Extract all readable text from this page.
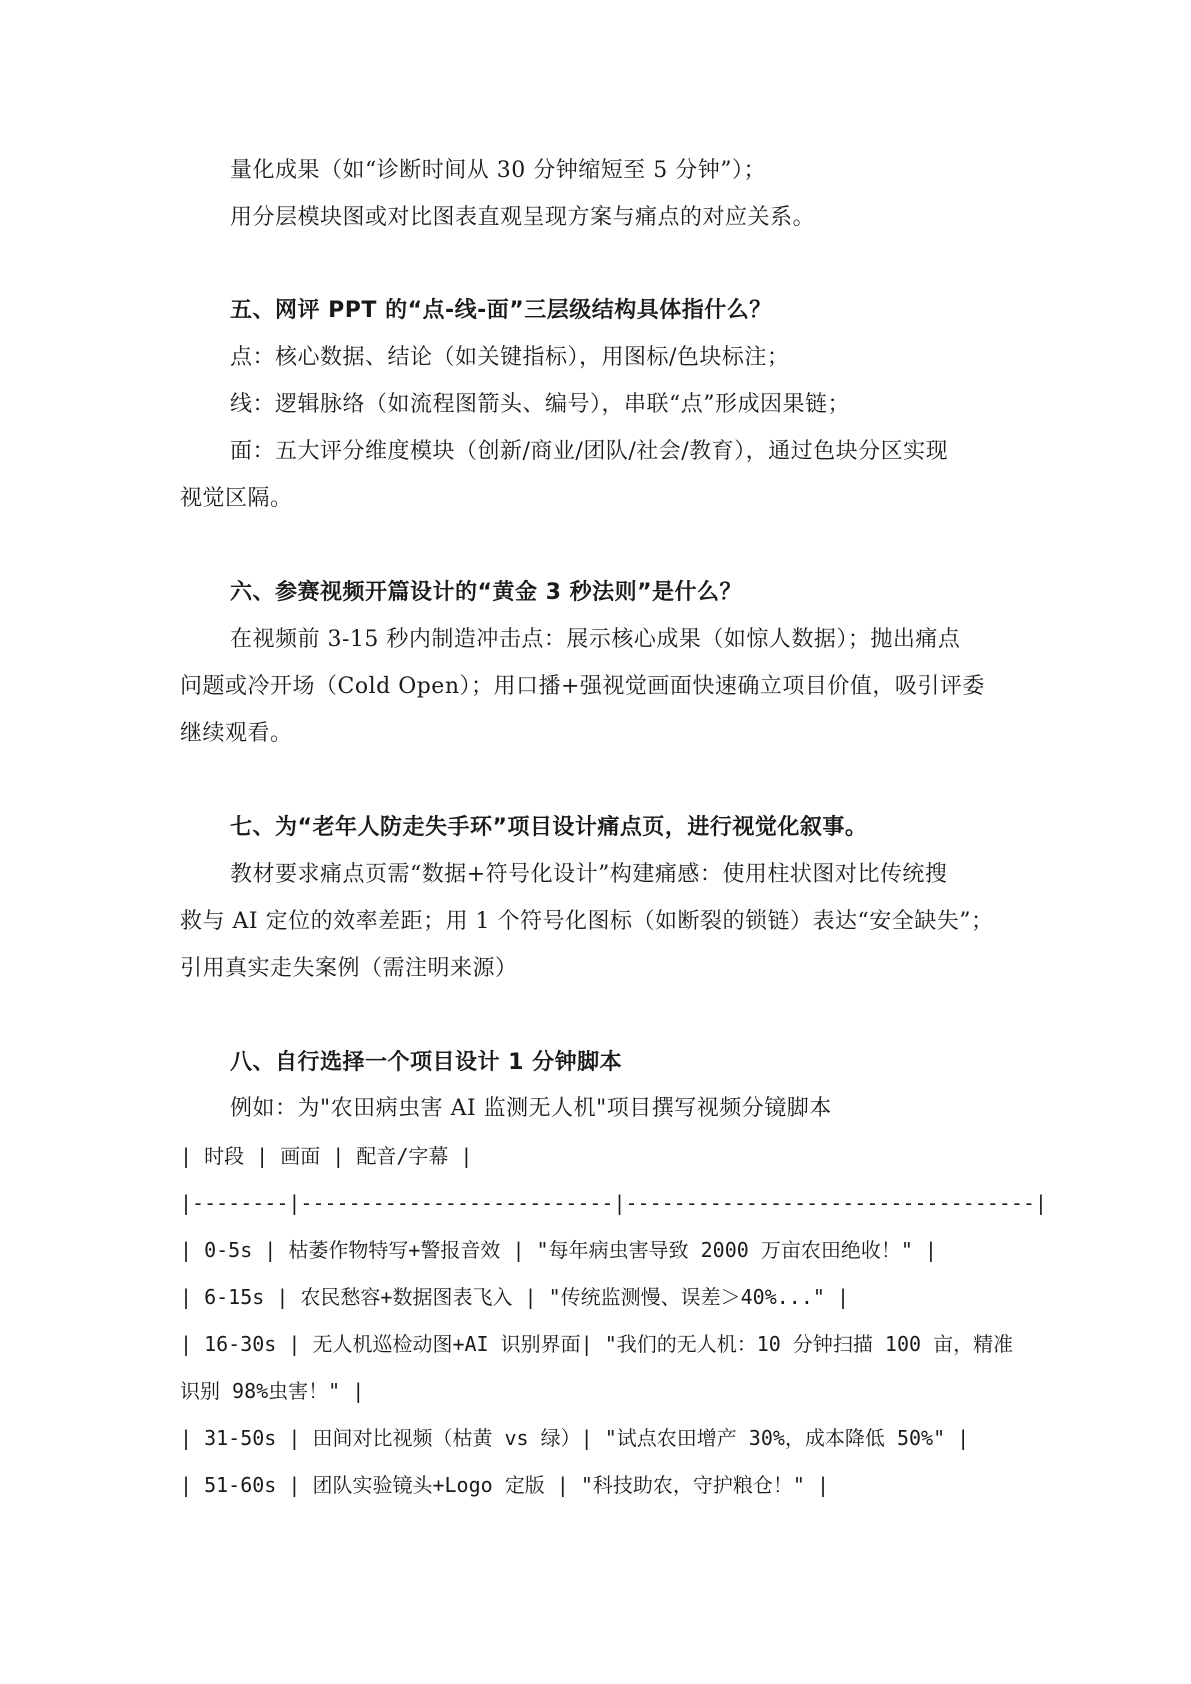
量化成果（如“诊断时间从 30 分钟缩短至 5 分钟”）；
用分层模块图或对比图表直观呈现方案与痛点的对应关系。
五、网评 PPT 的“点-线-面”三层级结构具体指什么？
点：核心数据、结论（如关键指标），用图标/色块标注；
线：逻辑脉络（如流程图箭头、编号），串联“点”形成因果链；
面：五大评分维度模块（创新/商业/团队/社会/教育），通过色块分区实现
视觉区隔。
六、参赛视频开篇设计的“黄金 3 秒法则”是什么？
在视频前 3-15 秒内制造冲击点：展示核心成果（如惊人数据）；抛出痛点
问题或冷开场（Cold Open）；用口播+强视觉画面快速确立项目价值，吸引评委
继续观看。
七、为“老年人防走失手环”项目设计痛点页，进行视觉化叙事。
教材要求痛点页需“数据+符号化设计”构建痛感：使用柱状图对比传统搜
救与 AI 定位的效率差距；用 1 个符号化图标（如断裂的锁链）表达“安全缺失”；
引用真实走失案例（需注明来源）
八、自行选择一个项目设计 1 分钟脚本
例如：为"农田病虫害 AI 监测无人机"项目撰写视频分镜脚本
| 时段 | 画面 | 配音/字幕 |
|--------|--------------------------|----------------------------------|
| 0-5s | 枯萎作物特写+警报音效 | "每年病虫害导致 2000 万亩农田绝收！" |
| 6-15s | 农民愁容+数据图表飞入 | "传统监测慢、误差＞40%..." |
| 16-30s | 无人机巡检动图+AI 识别界面| "我们的无人机：10 分钟扫描 100 亩，精准
识别 98%虫害！" |
| 31-50s | 田间对比视频（枯黄 vs 绿）| "试点农田增产 30%，成本降低 50%" |
| 51-60s | 团队实验镜头+Logo 定版 | "科技助农，守护粮仓！" |
